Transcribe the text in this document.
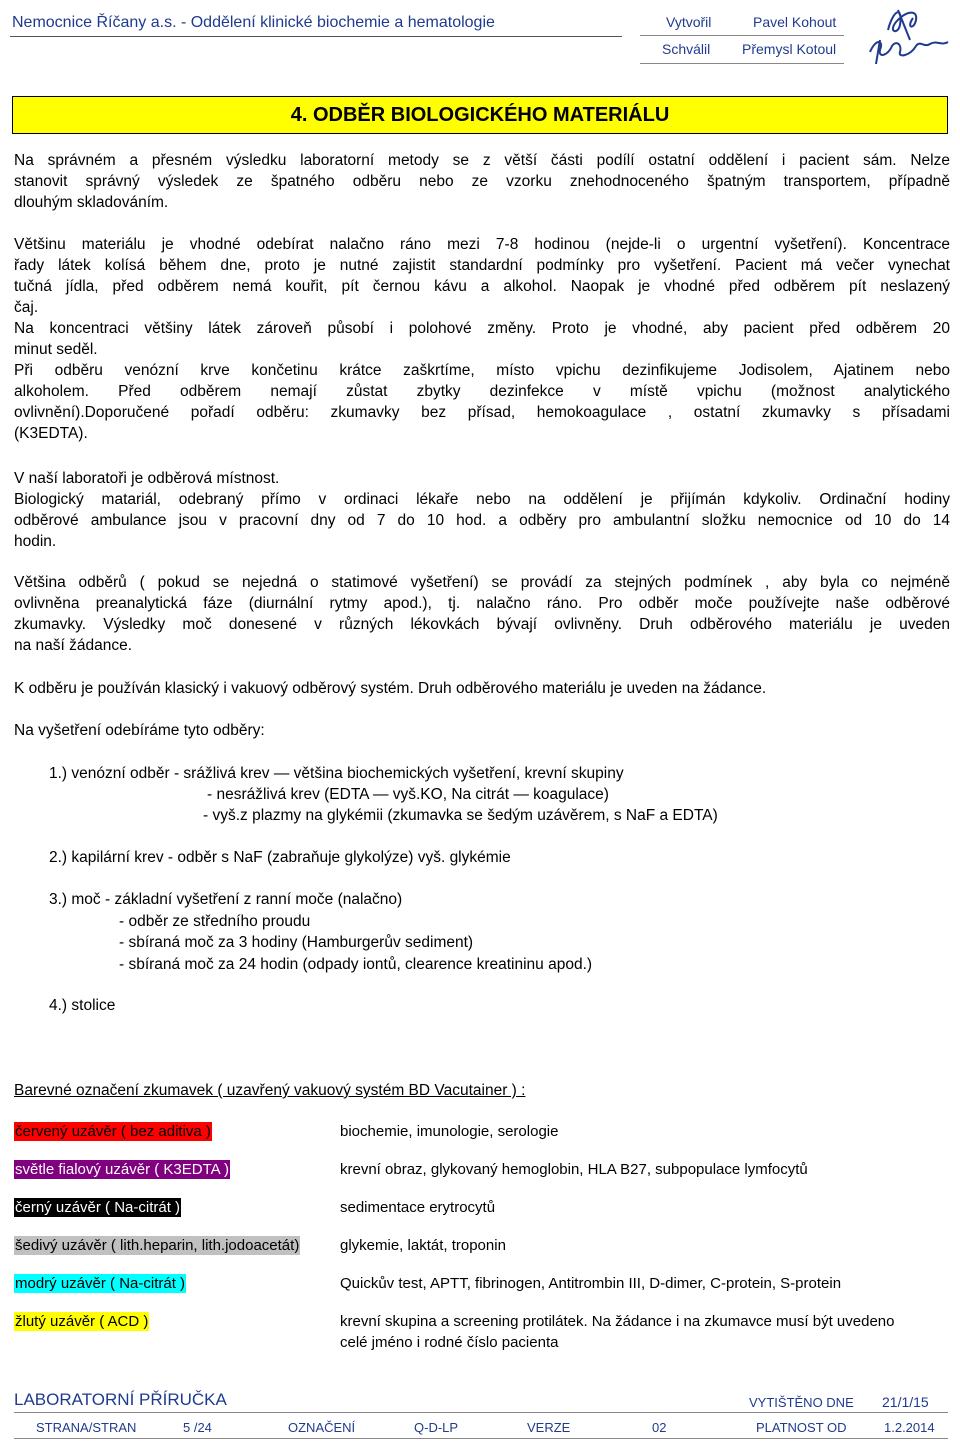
Nemocnice Říčany a.s. - Oddělení klinické biochemie a hematologie	Vytvořil	Pavel Kohout
Schválil Přemysl Kotoul
4. ODBĚR BIOLOGICKÉHO MATERIÁLU
Na správném a přesném výsledku laboratorní metody se z větší části podílí ostatní oddělení i pacient sám. Nelze
stanovit správný výsledek ze špatného odběru nebo ze vzorku znehodnoceného špatným transportem, případně
dlouhým skladováním.
Většinu materiálu je vhodné odebírat nalačno ráno mezi 7-8 hodinou (nejde-li o urgentní vyšetření). Koncentrace
řady látek kolísá během dne, proto je nutné zajistit standardní podmínky pro vyšetření. Pacient má večer vynechat
tučná jídla, před odběrem nemá kouřit, pít černou kávu a alkohol. Naopak je vhodné před odběrem pít neslazený
čaj.
Na koncentraci většiny látek zároveň působí i polohové změny. Proto je vhodné, aby pacient před odběrem 20
minut seděl.
Při odběru venózní krve končetinu krátce zaškrtíme, místo vpichu dezinfikujeme Jodisolem, Ajatinem nebo
alkoholem. Před odběrem nemají zůstat zbytky dezinfekce v místě vpichu (možnost analytického
ovlivnění).Doporučené pořadí odběru: zkumavky bez přísad, hemokoagulace , ostatní zkumavky s přísadami
(K3EDTA).
V naší laboratoři je odběrová místnost.
Biologický matariál, odebraný přímo v ordinaci lékaře nebo na oddělení je přijímán kdykoliv. Ordinační hodiny
odběrové ambulance jsou v pracovní dny od 7 do 10 hod. a odběry pro ambulantní složku nemocnice od 10 do 14
hodin.
Většina odběrů ( pokud se nejedná o statimové vyšetření) se provádí za stejných podmínek , aby byla co nejméně
ovlivněna preanalytická fáze (diurnální rytmy apod.), tj. nalačno ráno. Pro odběr moče používejte naše odběrové
zkumavky. Výsledky moč donesené v různých lékovkách bývají ovlivněny. Druh odběrového materiálu je uveden
na naší žádance.
K odběru je používán klasický i vakuový odběrový systém. Druh odběrového materiálu je uveden na žádance.
Na vyšetření odebíráme tyto odběry:
1.) venózní odběr - srážlivá krev — většina biochemických vyšetření, krevní skupiny
- nesrážlivá krev (EDTA — vyš.KO, Na citrát — koagulace)
- vyš.z plazmy na glykémii (zkumavka se šedým uzávěrem, s NaF a EDTA)
2.) kapilární krev - odběr s NaF (zabraňuje glykolýze) vyš. glykémie
3.) moč - základní vyšetření z ranní moče (nalačno)
- odběr ze středního proudu
- sbíraná moč za 3 hodiny (Hamburgerův sediment)
- sbíraná moč za 24 hodin (odpady iontů, clearence kreatininu apod.)
4.) stolice
Barevné označení zkumavek ( uzavřený vakuový systém BD Vacutainer ) :
červený uzávěr ( bez aditiva )	biochemie, imunologie, serologie
světle fialový uzávěr ( K3EDTA )	krevní obraz, glykovaný hemoglobin, HLA B27, subpopulace lymfocytů
černý uzávěr ( Na-citrát )	sedimentace erytrocytů
šedivý uzávěr ( lith.heparin, lith.jodoacetát)	glykemie, laktát, troponin
modrý uzávěr ( Na-citrát )	Quickův test, APTT, fibrinogen, Antitrombin III, D-dimer, C-protein, S-protein
žlutý uzávěr ( ACD )	krevní skupina a screening protilátek. Na žádance i na zkumavce musí být uvedeno
celé jméno i rodné číslo pacienta
LABORATORNÍ PŘÍRUČKA	VYTIŠTĚNO DNE 21/1/15
STRANA/STRAN	5 /24	OZNAČENÍ	Q-D-LP	VERZE	02	PLATNOST OD	1.2.2014
